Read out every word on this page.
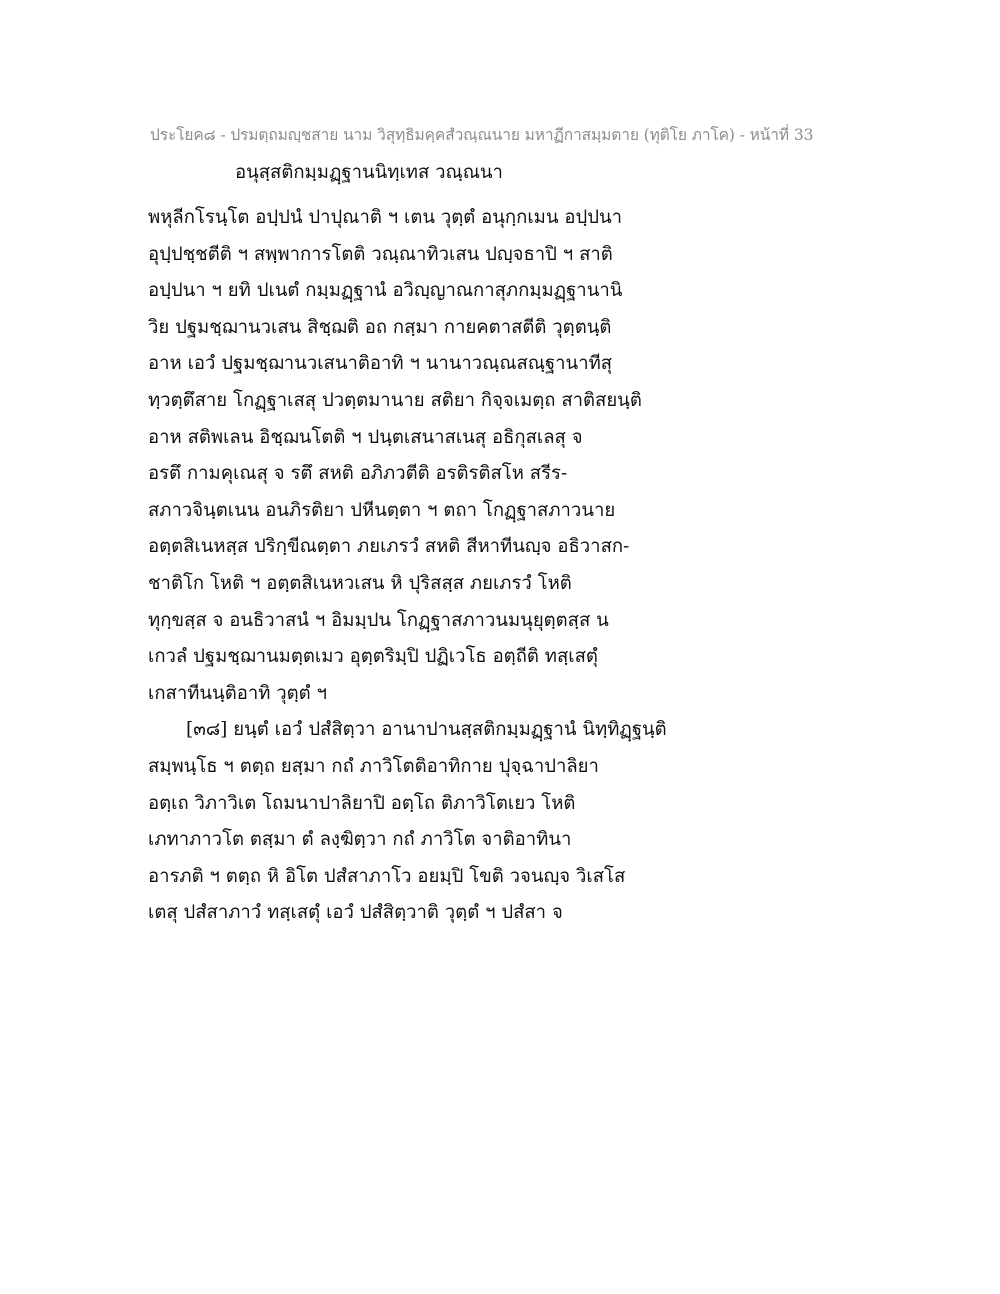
ประโยค๘ - ปรมตฺถมญฺชสาย นาม วิสุทฺธิมคฺคสํวณฺณนาย มหาฏีกาสมฺมตาย (ทุติโย ภาโค) - หน้าที่ 33
อนุสฺสติกมฺมฏฺฐานนิทฺเทส วณฺณนา
พหุลีกโรนฺโต อปฺปนํ ปาปุณาติ ฯ เตน วุตฺตํ อนุกฺกเมน อปฺปนา
อุปฺปชฺชตีติ ฯ สพฺพาการโตติ วณฺณาทิวเสน ปญฺจธาปิ ฯ สาติ
อปฺปนา ฯ ยทิ ปเนตํ กมฺมฏฺฐานํ อวิญฺญาณกาสุภกมฺมฏฺฐานานิ
วิย ปฐมชฺฌานวเสน สิชฺฌติ อถ กสฺมา กายคตาสตีติ วุตฺตนฺติ
อาห เอวํ ปฐมชฺฌานวเสนาติอาทิ ฯ นานาวณฺณสณฺฐานาทีสุ
ทฺวตฺตึสาย โกฏฺฐาเสสุ ปวตฺตมานาย สติยา กิจฺจเมตฺถ สาติสยนฺติ
อาห สติพเลน อิชฺฌนโตติ ฯ ปนฺตเสนาสเนสุ อธิกุสเลสุ จ
อรตึ กามคุเณสุ จ รตึ สหติ อภิภวตีติ อรติรติสโห สรีร-
สภาวจินฺตเนน อนภิรติยา ปหีนตฺตา ฯ ตถา โกฏฺฐาสภาวนาย
อตฺตสิเนหสฺส ปริกฺขีณตฺตา ภยเภรวํ สหติ สีหาทีนญฺจ อธิวาสก-
ชาติโก โหติ ฯ อตฺตสิเนหวเสน หิ ปุริสสฺส ภยเภรวํ โหติ
ทุกฺขสฺส จ อนธิวาสนํ ฯ อิมมฺปน โกฏฺฐาสภาวนมนุยุตฺตสฺส น
เกวลํ ปฐมชฺฌานมตฺตเมว อุตฺตริมฺปิ ปฏิเวโธ อตฺถีติ ทสฺเสตุํ
เกสาทีนนฺติอาทิ วุตฺตํ ฯ
[๓๘] ยนฺตํ เอวํ ปสํสิตฺวา อานาปานสฺสติกมฺมฏฺฐานํ นิทฺทิฏฺฐนฺติ
สมฺพนฺโธ ฯ ตตฺถ ยสฺมา กถํ ภาวิโตติอาทิกาย ปุจฺฉาปาลิยา
อตฺเถ วิภาวิเต โถมนาปาลิยาปิ อตฺโถ ติภาวิโตเยว โหติ
เภทาภาวโต ตสฺมา ตํ ลงฺฆิตฺวา กถํ ภาวิโต จาติอาทินา
อารภติ ฯ ตตฺถ หิ อิโต ปสํสาภาโว อยมฺปิ โขติ วจนญฺจ วิเสโส
เตสุ ปสํสาภาวํ ทสฺเสตุํ เอวํ ปสํสิตฺวาติ วุตฺตํ ฯ ปสํสา จ
